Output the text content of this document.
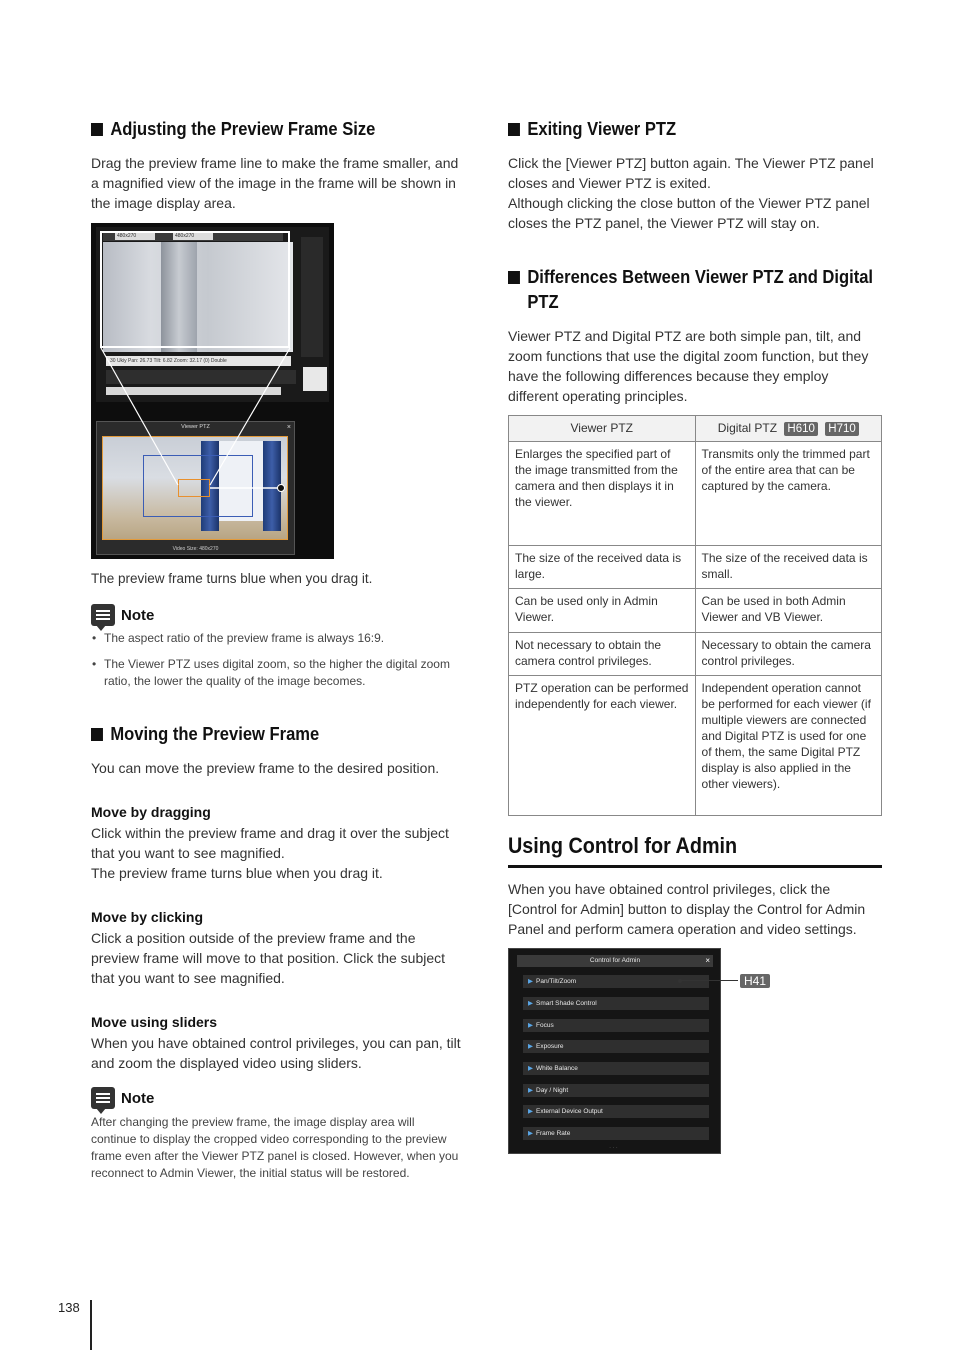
Adjusting the Preview Frame Size
Drag the preview frame line to make the frame smaller, and a magnified view of the image in the frame will be shown in the image display area.
480x270	480x270
30 Ukiy Pan: 26.73 Tilt: 6.82 Zoom: 32.17 (0) Double
Viewer PTZ	×
Video Size: 480x270
The preview frame turns blue when you drag it.
Note
• The aspect ratio of the preview frame is always 16:9.
• The Viewer PTZ uses digital zoom, so the higher the digital zoom ratio, the lower the quality of the image becomes.
Moving the Preview Frame
You can move the preview frame to the desired position.
Move by dragging
Click within the preview frame and drag it over the subject that you want to see magnified.
The preview frame turns blue when you drag it.
Move by clicking
Click a position outside of the preview frame and the preview frame will move to that position. Click the subject that you want to see magnified.
Move using sliders
When you have obtained control privileges, you can pan, tilt and zoom the displayed video using sliders.
Note
After changing the preview frame, the image display area will continue to display the cropped video corresponding to the preview frame even after the Viewer PTZ panel is closed. However, when you reconnect to Admin Viewer, the initial status will be restored.
Exiting Viewer PTZ
Click the [Viewer PTZ] button again. The Viewer PTZ panel closes and Viewer PTZ is exited.
Although clicking the close button of the Viewer PTZ panel closes the PTZ panel, the Viewer PTZ will stay on.
Differences Between Viewer PTZ and Digital PTZ
Viewer PTZ and Digital PTZ are both simple pan, tilt, and zoom functions that use the digital zoom function, but they have the following differences because they employ different operating principles.
Viewer PTZ	Digital PTZ H610 H710
Enlarges the specified part of the image transmitted from the camera and then displays it in the viewer.	Transmits only the trimmed part of the entire area that can be captured by the camera.
The size of the received data is large.	The size of the received data is small.
Can be used only in Admin Viewer.	Can be used in both Admin Viewer and VB Viewer.
Not necessary to obtain the camera control privileges.	Necessary to obtain the camera control privileges.
PTZ operation can be performed independently for each viewer.	Independent operation cannot be performed for each viewer (if multiple viewers are connected and Digital PTZ is used for one of them, the same Digital PTZ display is also applied in the other viewers).
Using Control for Admin
When you have obtained control privileges, click the [Control for Admin] button to display the Control for Admin Panel and perform camera operation and video settings.
Control for Admin	×
▶ Pan/Tilt/Zoom
▶ Smart Shade Control
▶ Focus
▶ Exposure
▶ White Balance
▶ Day / Night
▶ External Device Output
▶ Frame Rate
...
H41
138
